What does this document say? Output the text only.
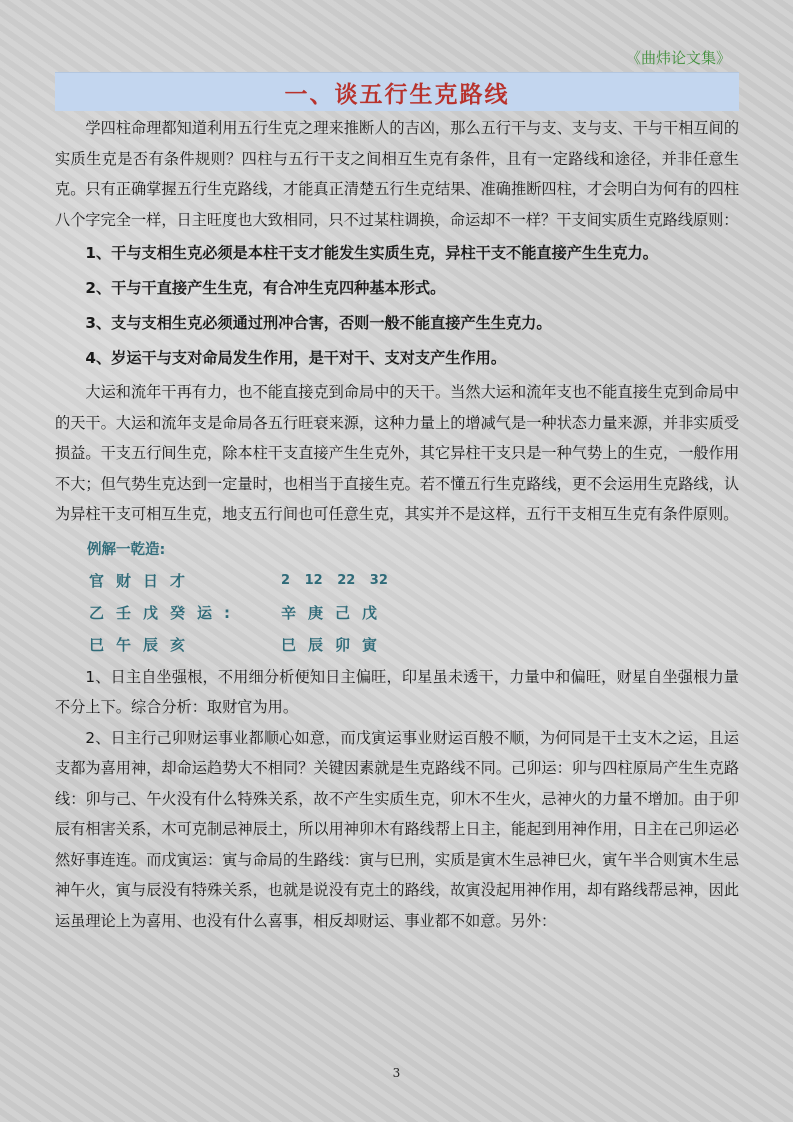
《曲炜论文集》
一、谈五行生克路线

学四柱命理都知道利用五行生克之理来推断人的吉凶，那么五行干与支、支与支、干与干相互间的实质生克是否有条件规则？四柱与五行干支之间相互生克有条件，且有一定路线和途径，并非任意生克。只有正确掌握五行生克路线，才能真正清楚五行生克结果、准确推断四柱，才会明白为何有的四柱八个字完全一样，日主旺度也大致相同，只不过某柱调换，命运却不一样？干支间实质生克路线原则：

1、干与支相生克必须是本柱干支才能发生实质生克，异柱干支不能直接产生生克力。

2、干与干直接产生生克，有合冲生克四种基本形式。

3、支与支相生克必须通过刑冲合害，否则一般不能直接产生生克力。

4、岁运干与支对命局发生作用，是干对干、支对支产生作用。

大运和流年干再有力，也不能直接克到命局中的天干。当然大运和流年支也不能直接生克到命局中的天干。大运和流年支是命局各五行旺衰来源，这种力量上的增减气是一种状态力量来源，并非实质受损益。干支五行间生克，除本柱干支直接产生生克外，其它异柱干支只是一种气势上的生克，一般作用不大；但气势生克达到一定量时，也相当于直接生克。若不懂五行生克路线，更不会运用生克路线，认为异柱干支可相互生克，地支五行间也可任意生克，其实并不是这样，五行干支相互生克有条件原则。

例解一乾造:
官财日才	2 12 22 32
乙壬戊癸运:	辛庚己戊
巳午辰亥	巳辰卯寅

1、日主自坐强根，不用细分析便知日主偏旺，印星虽未透干，力量中和偏旺，财星自坐强根力量不分上下。综合分析：取财官为用。

2、日主行己卯财运事业都顺心如意，而戊寅运事业财运百般不顺，为何同是干土支木之运，且运支都为喜用神，却命运趋势大不相同？关键因素就是生克路线不同。己卯运：卯与四柱原局产生生克路线：卯与己、午火没有什么特殊关系，故不产生实质生克，卯木不生火，忌神火的力量不增加。由于卯辰有相害关系，木可克制忌神辰土，所以用神卯木有路线帮上日主，能起到用神作用，日主在己卯运必然好事连连。而戊寅运：寅与命局的生路线：寅与巳刑，实质是寅木生忌神巳火，寅午半合则寅木生忌神午火，寅与辰没有特殊关系，也就是说没有克土的路线，故寅没起用神作用，却有路线帮忌神，因此运虽理论上为喜用、也没有什么喜事，相反却财运、事业都不如意。另外：

3
